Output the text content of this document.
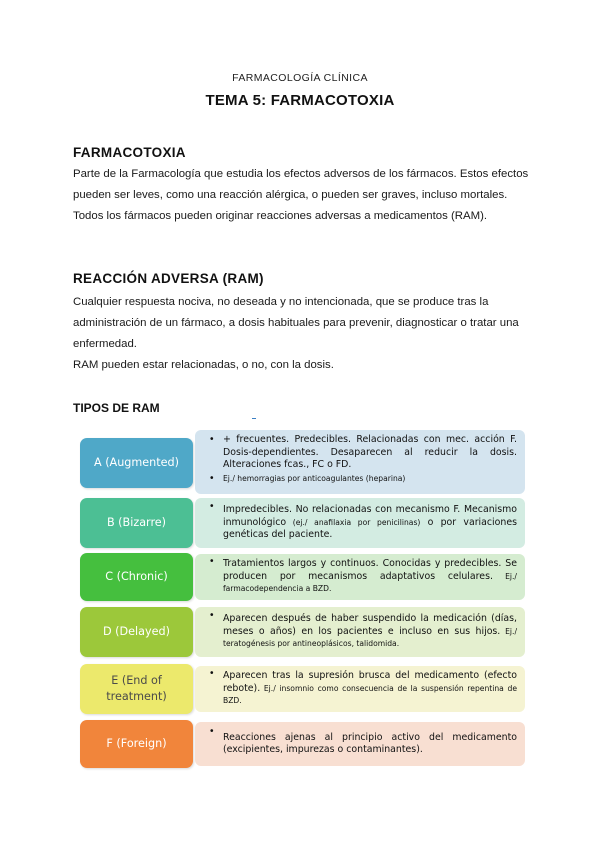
FARMACOLOGÍA CLÍNICA
TEMA 5: FARMACOTOXIA
FARMACOTOXIA
Parte de la Farmacología que estudia los efectos adversos de los fármacos. Estos efectos pueden ser leves, como una reacción alérgica, o pueden ser graves, incluso mortales. Todos los fármacos pueden originar reacciones adversas a medicamentos (RAM).
REACCIÓN ADVERSA (RAM)
Cualquier respuesta nociva, no deseada y no intencionada, que se produce tras la administración de un fármaco, a dosis habituales para prevenir, diagnosticar o tratar una enfermedad.
RAM pueden estar relacionadas, o no, con la dosis.
TIPOS DE RAM
A (Augmented)
• + frecuentes. Predecibles. Relacionadas con mec. acción F. Dosis-dependientes. Desaparecen al reducir la dosis. Alteraciones fcas., FC o FD.
• Ej./ hemorragias por anticoagulantes (heparina)
B (Bizarre)
• Impredecibles. No relacionadas con mecanismo F. Mecanismo inmunológico (ej./ anafilaxia por penicilinas) o por variaciones genéticas del paciente.
C (Chronic)
• Tratamientos largos y continuos. Conocidas y predecibles. Se producen por mecanismos adaptativos celulares. Ej./ farmacodependencia a BZD.
D (Delayed)
• Aparecen después de haber suspendido la medicación (días, meses o años) en los pacientes e incluso en sus hijos. Ej./ teratogénesis por antineoplásicos, talidomida.
E (End of treatment)
• Aparecen tras la supresión brusca del medicamento (efecto rebote). Ej./ insomnio como consecuencia de la suspensión repentina de BZD.
F (Foreign)
• Reacciones ajenas al principio activo del medicamento (excipientes, impurezas o contaminantes).
